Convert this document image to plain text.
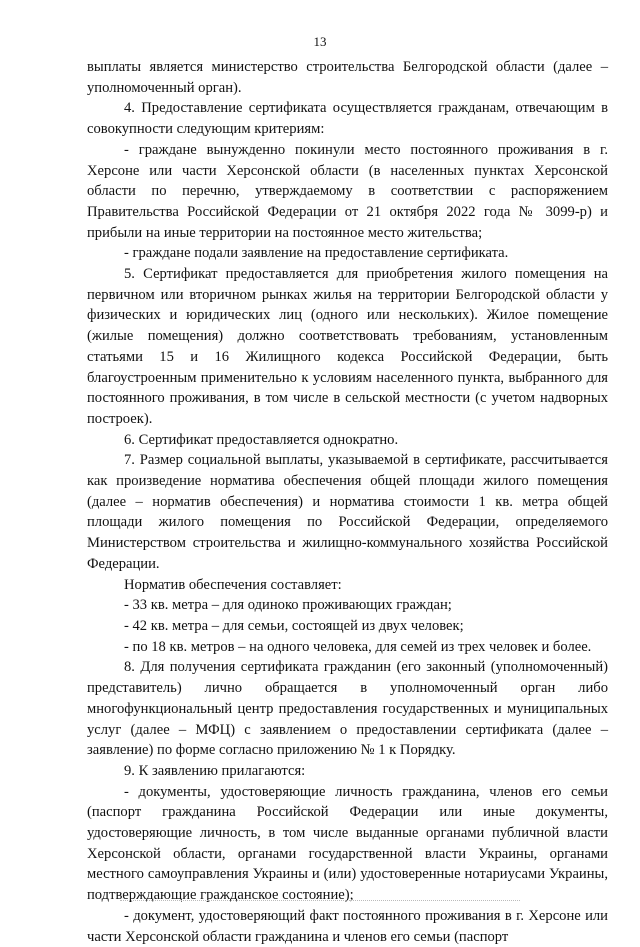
13

выплаты является министерство строительства Белгородской области (далее – уполномоченный орган).

4. Предоставление сертификата осуществляется гражданам, отвечающим в совокупности следующим критериям:

- граждане вынужденно покинули место постоянного проживания в г. Херсоне или части Херсонской области (в населенных пунктах Херсонской области по перечню, утверждаемому в соответствии с распоряжением Правительства Российской Федерации от 21 октября 2022 года № 3099-р) и прибыли на иные территории на постоянное место жительства;

- граждане подали заявление на предоставление сертификата.

5. Сертификат предоставляется для приобретения жилого помещения на первичном или вторичном рынках жилья на территории Белгородской области у физических и юридических лиц (одного или нескольких). Жилое помещение (жилые помещения) должно соответствовать требованиям, установленным статьями 15 и 16 Жилищного кодекса Российской Федерации, быть благоустроенным применительно к условиям населенного пункта, выбранного для постоянного проживания, в том числе в сельской местности (с учетом надворных построек).

6. Сертификат предоставляется однократно.

7. Размер социальной выплаты, указываемой в сертификате, рассчитывается как произведение норматива обеспечения общей площади жилого помещения (далее – норматив обеспечения) и норматива стоимости 1 кв. метра общей площади жилого помещения по Российской Федерации, определяемого Министерством строительства и жилищно-коммунального хозяйства Российской Федерации.

Норматив обеспечения составляет:

- 33 кв. метра – для одиноко проживающих граждан;

- 42 кв. метра – для семьи, состоящей из двух человек;

- по 18 кв. метров – на одного человека, для семей из трех человек и более.

8. Для получения сертификата гражданин (его законный (уполномоченный) представитель) лично обращается в уполномоченный орган либо многофункциональный центр предоставления государственных и муниципальных услуг (далее – МФЦ) с заявлением о предоставлении сертификата (далее – заявление) по форме согласно приложению № 1 к Порядку.

9. К заявлению прилагаются:

- документы, удостоверяющие личность гражданина, членов его семьи (паспорт гражданина Российской Федерации или иные документы, удостоверяющие личность, в том числе выданные органами публичной власти Херсонской области, органами государственной власти Украины, органами местного самоуправления Украины и (или) удостоверенные нотариусами Украины, подтверждающие гражданское состояние);

- документ, удостоверяющий факт постоянного проживания в г. Херсоне или части Херсонской области гражданина и членов его семьи (паспорт
